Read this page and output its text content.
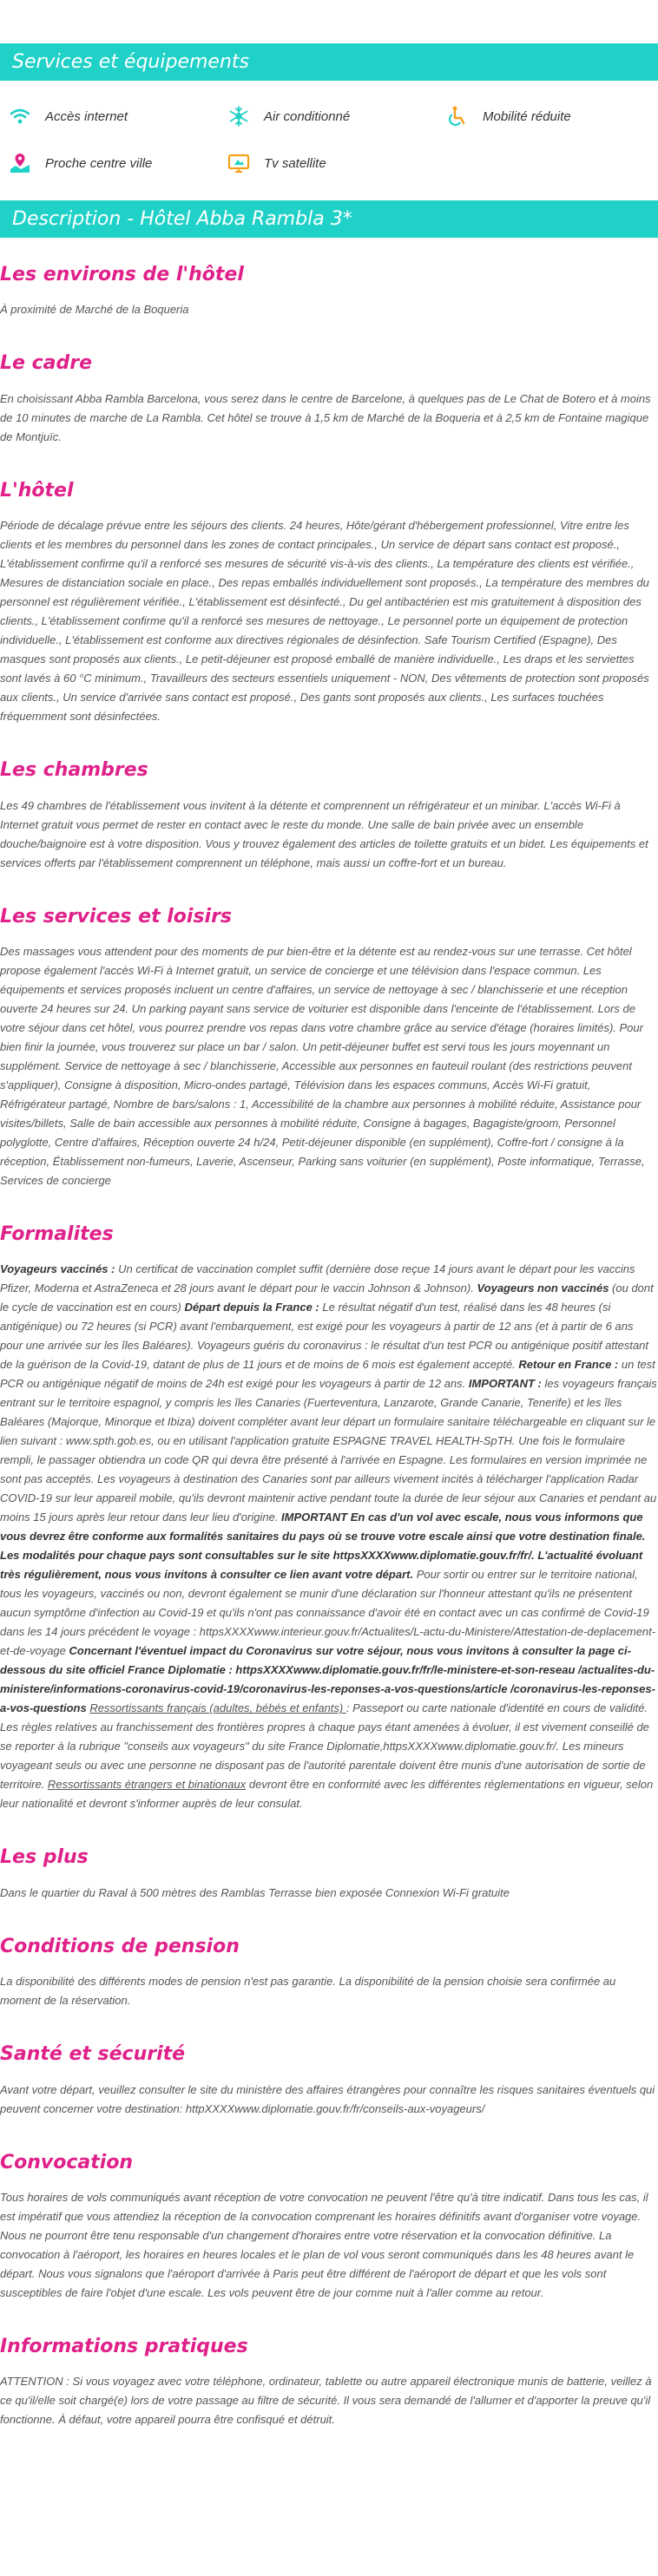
Services et équipements
Accès internet	Air conditionné	Mobilité réduite
Proche centre ville	Tv satellite
Description - Hôtel Abba Rambla 3*
Les environs de l'hôtel

À proximité de Marché de la Boqueria

Le cadre

En choisissant Abba Rambla Barcelona, vous serez dans le centre de Barcelone, à quelques pas de Le Chat de Botero et à moins de 10 minutes de marche de La Rambla. Cet hôtel se trouve à 1,5 km de Marché de la Boqueria et à 2,5 km de Fontaine magique de Montjuïc.

L'hôtel

Période de décalage prévue entre les séjours des clients. 24 heures, Hôte/gérant d'hébergement professionnel, Vitre entre les clients et les membres du personnel dans les zones de contact principales., Un service de départ sans contact est proposé., L'établissement confirme qu'il a renforcé ses mesures de sécurité vis-à-vis des clients., La température des clients est vérifiée., Mesures de distanciation sociale en place., Des repas emballés individuellement sont proposés., La température des membres du personnel est régulièrement vérifiée., L'établissement est désinfecté., Du gel antibactérien est mis gratuitement à disposition des clients., L'établissement confirme qu'il a renforcé ses mesures de nettoyage., Le personnel porte un équipement de protection individuelle., L'établissement est conforme aux directives régionales de désinfection. Safe Tourism Certified (Espagne), Des masques sont proposés aux clients., Le petit-déjeuner est proposé emballé de manière individuelle., Les draps et les serviettes sont lavés à 60 °C minimum., Travailleurs des secteurs essentiels uniquement - NON, Des vêtements de protection sont proposés aux clients., Un service d'arrivée sans contact est proposé., Des gants sont proposés aux clients., Les surfaces touchées fréquemment sont désinfectées.

Les chambres

Les 49 chambres de l'établissement vous invitent à la détente et comprennent un réfrigérateur et un minibar. L'accès Wi-Fi à Internet gratuit vous permet de rester en contact avec le reste du monde. Une salle de bain privée avec un ensemble douche/baignoire est à votre disposition. Vous y trouvez également des articles de toilette gratuits et un bidet. Les équipements et services offerts par l'établissement comprennent un téléphone, mais aussi un coffre-fort et un bureau.

Les services et loisirs

Des massages vous attendent pour des moments de pur bien-être et la détente est au rendez-vous sur une terrasse. Cet hôtel propose également l'accès Wi-Fi à Internet gratuit, un service de concierge et une télévision dans l'espace commun. Les équipements et services proposés incluent un centre d'affaires, un service de nettoyage à sec / blanchisserie et une réception ouverte 24 heures sur 24. Un parking payant sans service de voiturier est disponible dans l'enceinte de l'établissement. Lors de votre séjour dans cet hôtel, vous pourrez prendre vos repas dans votre chambre grâce au service d'étage (horaires limités). Pour bien finir la journée, vous trouverez sur place un bar / salon. Un petit-déjeuner buffet est servi tous les jours moyennant un supplément. Service de nettoyage à sec / blanchisserie, Accessible aux personnes en fauteuil roulant (des restrictions peuvent s'appliquer), Consigne à disposition, Micro-ondes partagé, Télévision dans les espaces communs, Accès Wi-Fi gratuit, Réfrigérateur partagé, Nombre de bars/salons : 1, Accessibilité de la chambre aux personnes à mobilité réduite, Assistance pour visites/billets, Salle de bain accessible aux personnes à mobilité réduite, Consigne à bagages, Bagagiste/groom, Personnel polyglotte, Centre d'affaires, Réception ouverte 24 h/24, Petit-déjeuner disponible (en supplément), Coffre-fort / consigne à la réception, Établissement non-fumeurs, Laverie, Ascenseur, Parking sans voiturier (en supplément), Poste informatique, Terrasse, Services de concierge

Formalites

Voyageurs vaccinés : Un certificat de vaccination complet suffit (dernière dose reçue 14 jours avant le départ pour les vaccins Pfizer, Moderna et AstraZeneca et 28 jours avant le départ pour le vaccin Johnson & Johnson). Voyageurs non vaccinés (ou dont le cycle de vaccination est en cours) Départ depuis la France : Le résultat négatif d'un test, réalisé dans les 48 heures (si antigénique) ou 72 heures (si PCR) avant l'embarquement, est exigé pour les voyageurs à partir de 12 ans (et à partir de 6 ans pour une arrivée sur les îles Baléares). Voyageurs guéris du coronavirus : le résultat d'un test PCR ou antigénique positif attestant de la guérison de la Covid-19, datant de plus de 11 jours et de moins de 6 mois est également accepté. Retour en France : un test PCR ou antigénique négatif de moins de 24h est exigé pour les voyageurs à partir de 12 ans. IMPORTANT : les voyageurs français entrant sur le territoire espagnol, y compris les îles Canaries (Fuerteventura, Lanzarote, Grande Canarie, Tenerife) et les îles Baléares (Majorque, Minorque et Ibiza) doivent compléter avant leur départ un formulaire sanitaire téléchargeable en cliquant sur le lien suivant : www.spth.gob.es, ou en utilisant l'application gratuite ESPAGNE TRAVEL HEALTH-SpTH. Une fois le formulaire rempli, le passager obtiendra un code QR qui devra être présenté à l'arrivée en Espagne. Les formulaires en version imprimée ne sont pas acceptés. Les voyageurs à destination des Canaries sont par ailleurs vivement incités à télécharger l'application Radar COVID-19 sur leur appareil mobile, qu'ils devront maintenir active pendant toute la durée de leur séjour aux Canaries et pendant au moins 15 jours après leur retour dans leur lieu d'origine. IMPORTANT En cas d'un vol avec escale, nous vous informons que vous devrez être conforme aux formalités sanitaires du pays où se trouve votre escale ainsi que votre destination finale. Les modalités pour chaque pays sont consultables sur le site httpsXXXXwww.diplomatie.gouv.fr/fr/. L'actualité évoluant très régulièrement, nous vous invitons à consulter ce lien avant votre départ. Pour sortir ou entrer sur le territoire national, tous les voyageurs, vaccinés ou non, devront également se munir d'une déclaration sur l'honneur attestant qu'ils ne présentent aucun symptôme d'infection au Covid-19 et qu'ils n'ont pas connaissance d'avoir été en contact avec un cas confirmé de Covid-19 dans les 14 jours précédent le voyage : httpsXXXXwww.interieur.gouv.fr/Actualites/L-actu-du-Ministere/Attestation-de-deplacement-et-de-voyage Concernant l'éventuel impact du Coronavirus sur votre séjour, nous vous invitons à consulter la page ci-dessous du site officiel France Diplomatie : httpsXXXXwww.diplomatie.gouv.fr/fr/le-ministere-et-son-reseau /actualites-du-ministere/informations-coronavirus-covid-19/coronavirus-les-reponses-a-vos-questions/article /coronavirus-les-reponses-a-vos-questions Ressortissants français (adultes, bébés et enfants) : Passeport ou carte nationale d'identité en cours de validité. Les règles relatives au franchissement des frontières propres à chaque pays étant amenées à évoluer, il est vivement conseillé de se reporter à la rubrique "conseils aux voyageurs" du site France Diplomatie,httpsXXXXwww.diplomatie.gouv.fr/. Les mineurs voyageant seuls ou avec une personne ne disposant pas de l'autorité parentale doivent être munis d'une autorisation de sortie de territoire. Ressortissants étrangers et binationaux devront être en conformité avec les différentes réglementations en vigueur, selon leur nationalité et devront s'informer auprès de leur consulat.

Les plus

Dans le quartier du Raval à 500 mètres des Ramblas Terrasse bien exposée Connexion Wi-Fi gratuite

Conditions de pension

La disponibilité des différents modes de pension n'est pas garantie. La disponibilité de la pension choisie sera confirmée au moment de la réservation.

Santé et sécurité

Avant votre départ, veuillez consulter le site du ministère des affaires étrangères pour connaître les risques sanitaires éventuels qui peuvent concerner votre destination: httpXXXXwww.diplomatie.gouv.fr/fr/conseils-aux-voyageurs/

Convocation

Tous horaires de vols communiqués avant réception de votre convocation ne peuvent l'être qu'à titre indicatif. Dans tous les cas, il est impératif que vous attendiez la réception de la convocation comprenant les horaires définitifs avant d'organiser votre voyage. Nous ne pourront être tenu responsable d'un changement d'horaires entre votre réservation et la convocation définitive. La convocation à l'aéroport, les horaires en heures locales et le plan de vol vous seront communiqués dans les 48 heures avant le départ. Nous vous signalons que l'aéroport d'arrivée à Paris peut être différent de l'aéroport de départ et que les vols sont susceptibles de faire l'objet d'une escale. Les vols peuvent être de jour comme nuit à l'aller comme au retour.

Informations pratiques

ATTENTION : Si vous voyagez avec votre téléphone, ordinateur, tablette ou autre appareil électronique munis de batterie, veillez à ce qu'il/elle soit chargé(e) lors de votre passage au filtre de sécurité. Il vous sera demandé de l'allumer et d'apporter la preuve qu'il fonctionne. À défaut, votre appareil pourra être confisqué et détruit.
